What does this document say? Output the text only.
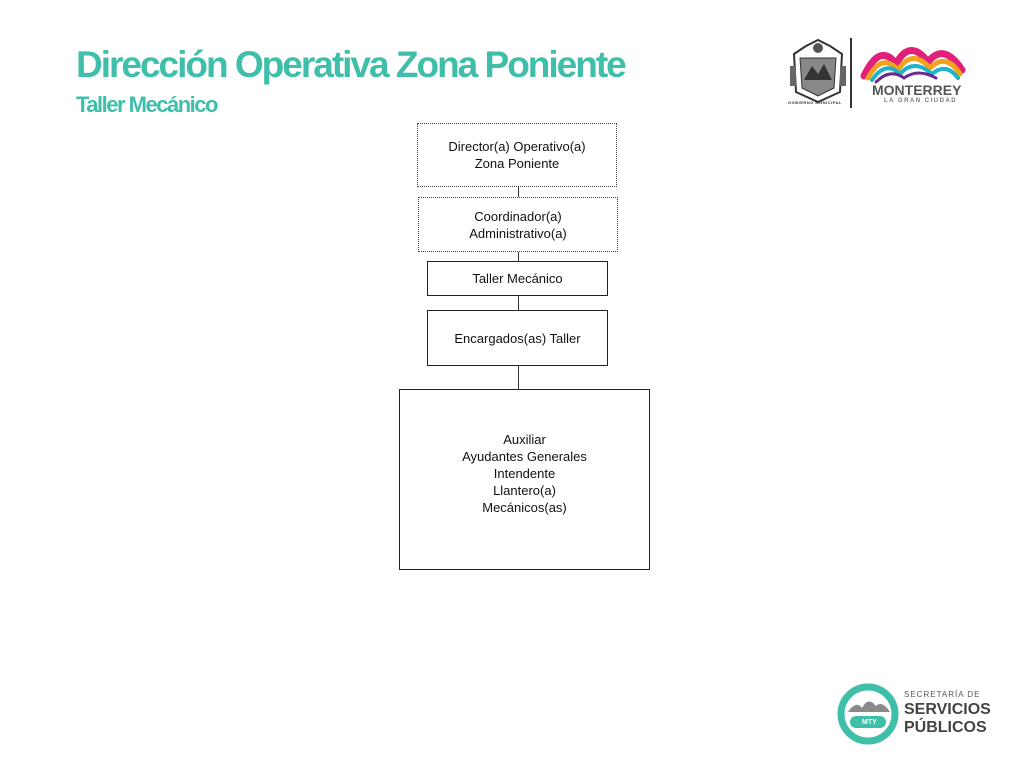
Dirección Operativa Zona Poniente
Taller Mecánico	GOBIERNO MUNICIPAL
MONTERREY
LA GRAN CIUDAD
Director(a) Operativo(a)
Zona Poniente
Coordinador(a)
Administrativo(a)
Taller Mecánico
Encargados(as) Taller
Auxiliar
Ayudantes Generales
Intendente
Llantero(a)
Mecánicos(as)
MTY
SECRETARÍA DE
SERVICIOS
PÚBLICOS
